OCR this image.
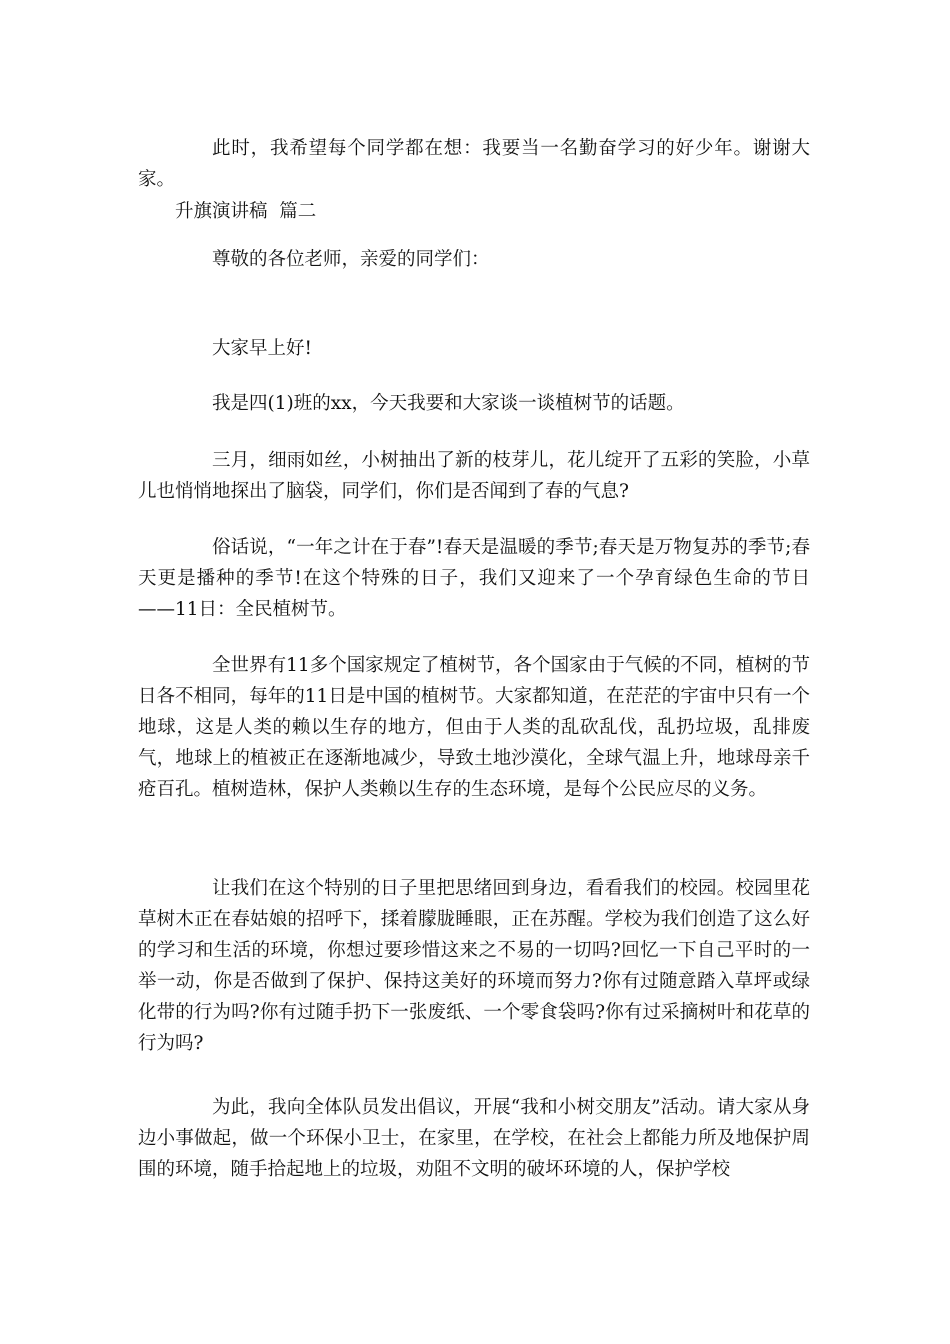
此时，我希望每个同学都在想：我要当一名勤奋学习的好少年。谢谢大家。

升旗演讲稿  篇二

尊敬的各位老师，亲爱的同学们：

大家早上好!

我是四(1)班的xx，今天我要和大家谈一谈植树节的话题。

三月，细雨如丝，小树抽出了新的枝芽儿，花儿绽开了五彩的笑脸，小草儿也悄悄地探出了脑袋，同学们，你们是否闻到了春的气息?

俗话说，“一年之计在于春”!春天是温暖的季节;春天是万物复苏的季节;春天更是播种的季节!在这个特殊的日子，我们又迎来了一个孕育绿色生命的节日——11日：全民植树节。

全世界有11多个国家规定了植树节，各个国家由于气候的不同，植树的节日各不相同，每年的11日是中国的植树节。大家都知道，在茫茫的宇宙中只有一个地球，这是人类的赖以生存的地方，但由于人类的乱砍乱伐，乱扔垃圾，乱排废气，地球上的植被正在逐渐地减少，导致土地沙漠化，全球气温上升，地球母亲千疮百孔。植树造林，保护人类赖以生存的生态环境，是每个公民应尽的义务。

让我们在这个特别的日子里把思绪回到身边，看看我们的校园。校园里花草树木正在春姑娘的招呼下，揉着朦胧睡眼，正在苏醒。学校为我们创造了这么好的学习和生活的环境，你想过要珍惜这来之不易的一切吗?回忆一下自己平时的一举一动，你是否做到了保护、保持这美好的环境而努力?你有过随意踏入草坪或绿化带的行为吗?你有过随手扔下一张废纸、一个零食袋吗?你有过采摘树叶和花草的行为吗?

为此，我向全体队员发出倡议，开展“我和小树交朋友”活动。请大家从身边小事做起，做一个环保小卫士，在家里，在学校，在社会上都能力所及地保护周围的环境，随手拾起地上的垃圾，劝阻不文明的破坏环境的人，保护学校
